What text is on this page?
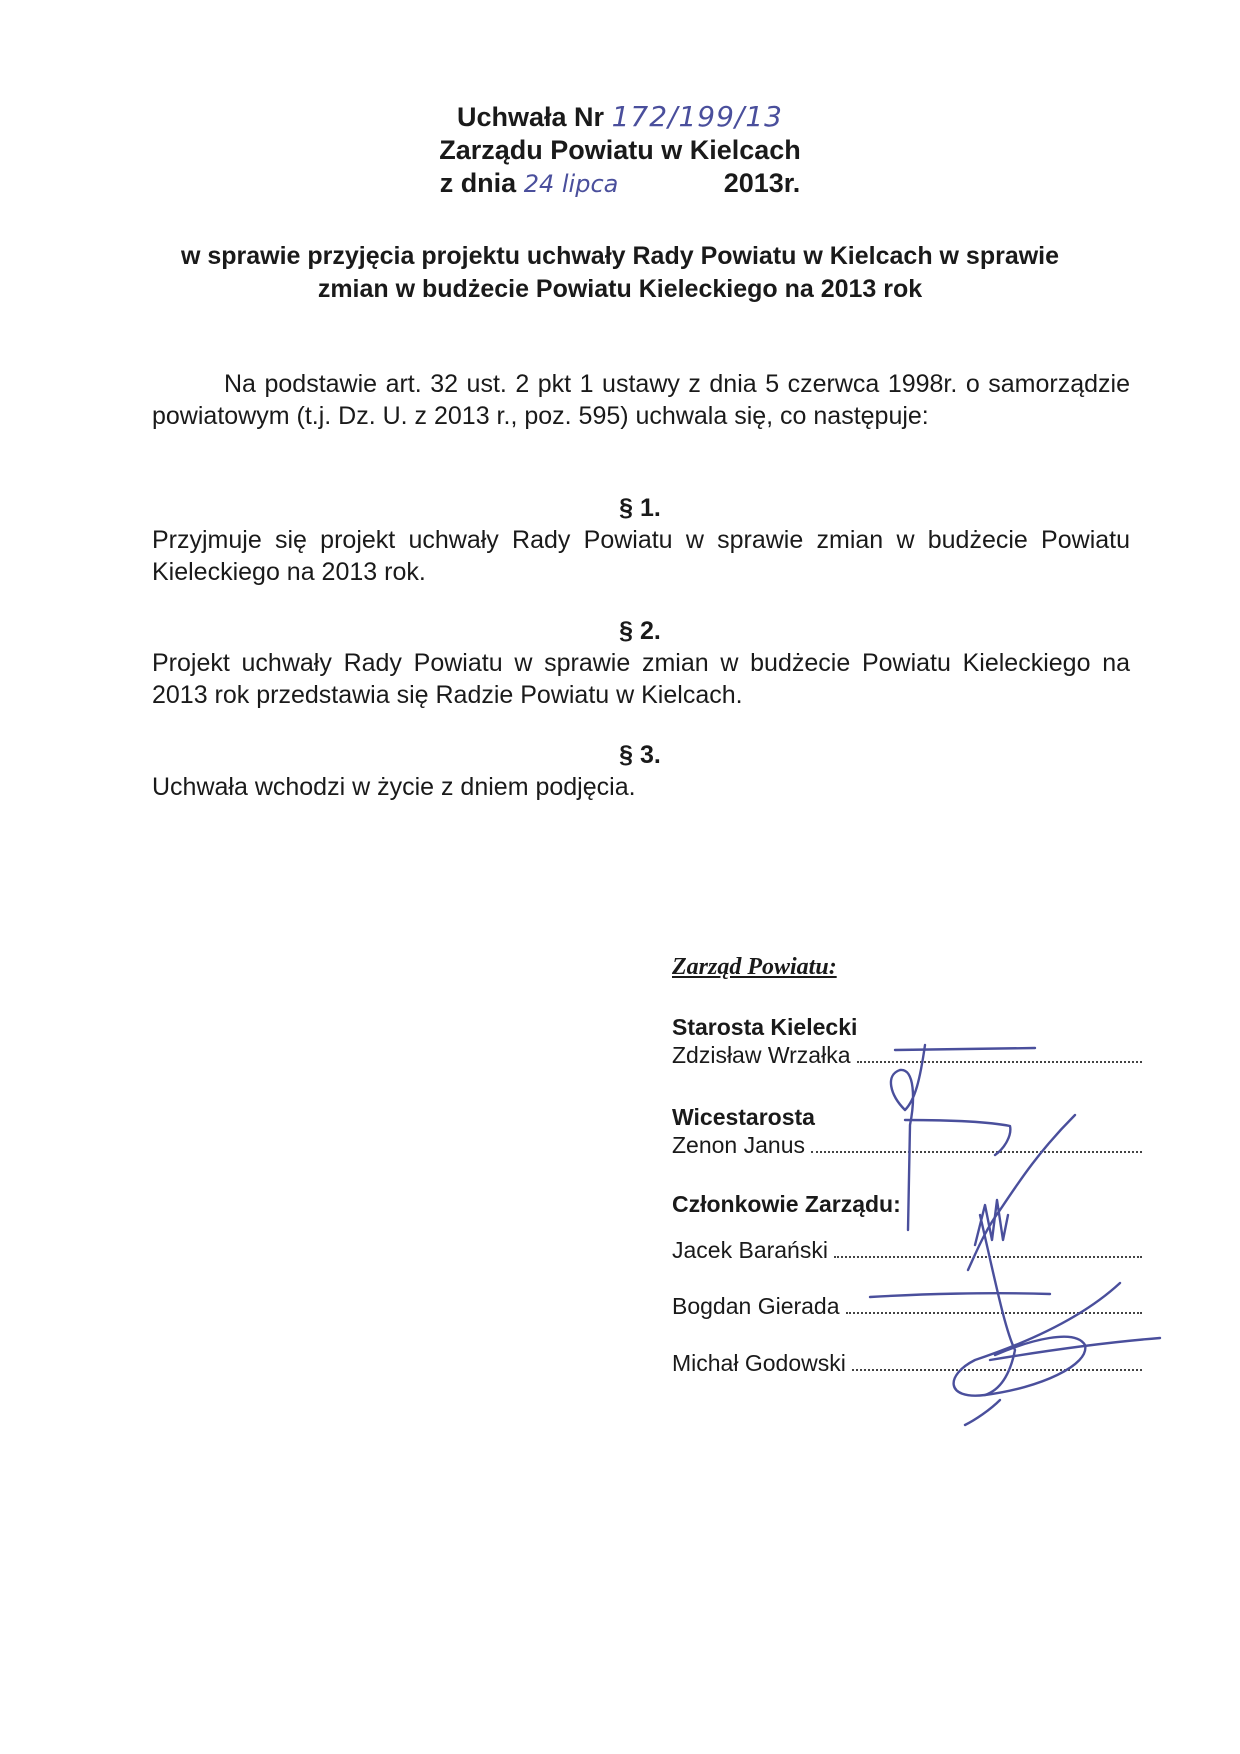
Uchwała Nr 172/199/13
Zarządu Powiatu w Kielcach
z dnia 24 lipca	2013r.
w sprawie przyjęcia projektu uchwały Rady Powiatu w Kielcach w sprawie
zmian w budżecie Powiatu Kieleckiego na 2013 rok

Na podstawie art. 32 ust. 2 pkt 1 ustawy z dnia 5 czerwca 1998r. o samorządzie powiatowym (t.j. Dz. U. z 2013 r., poz. 595) uchwala się, co następuje:

§ 1.

Przyjmuje się projekt uchwały Rady Powiatu w sprawie zmian w budżecie Powiatu Kieleckiego na 2013 rok.

§ 2.

Projekt uchwały Rady Powiatu w sprawie zmian w budżecie Powiatu Kieleckiego na 2013 rok przedstawia się Radzie Powiatu w Kielcach.

§ 3.

Uchwała wchodzi w życie z dniem podjęcia.

Zarząd Powiatu:
Starosta Kielecki
Zdzisław Wrzałka
Wicestarosta
Zenon Janus
Członkowie Zarządu:
Jacek Barański
Bogdan Gierada
Michał Godowski
